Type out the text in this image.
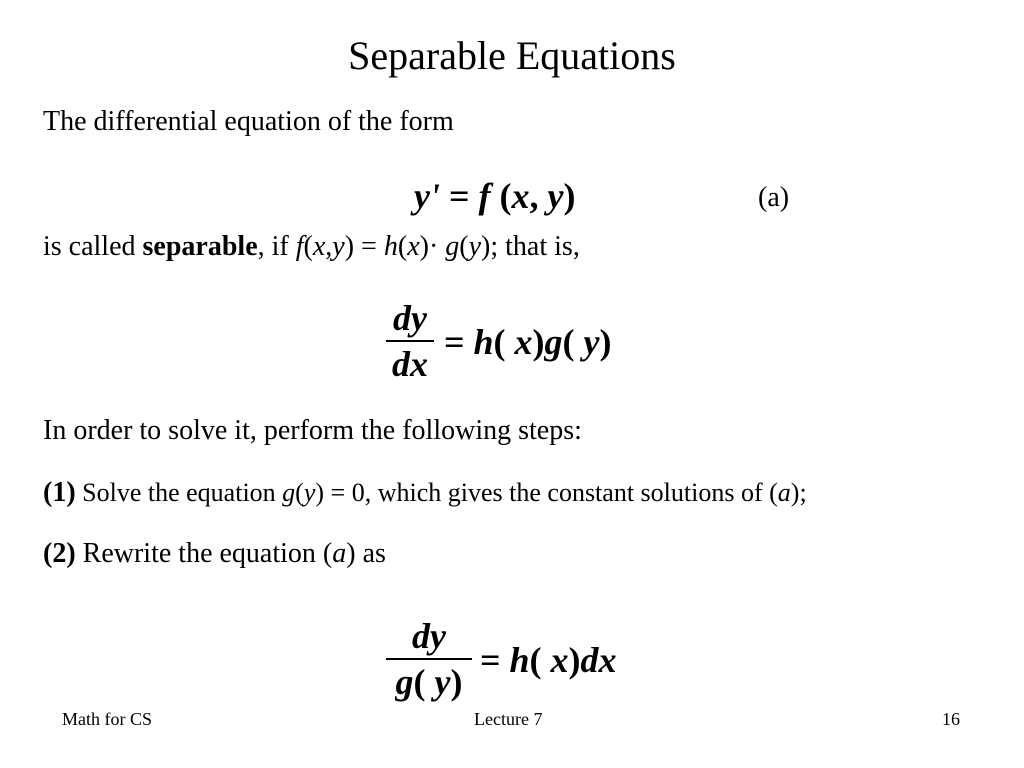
Separable Equations
The differential equation of the form
y' = f (x, y)	(a)
is called separable, if f(x,y) = h(x)· g(y); that is,
dy
dx
= h( x)g( y)
In order to solve it, perform the following steps:
(1) Solve the equation g(y) = 0, which gives the constant solutions of (a);
(2) Rewrite the equation (a) as
dy
g( y)
= h( x)dx
Math for CS	Lecture 7	16
